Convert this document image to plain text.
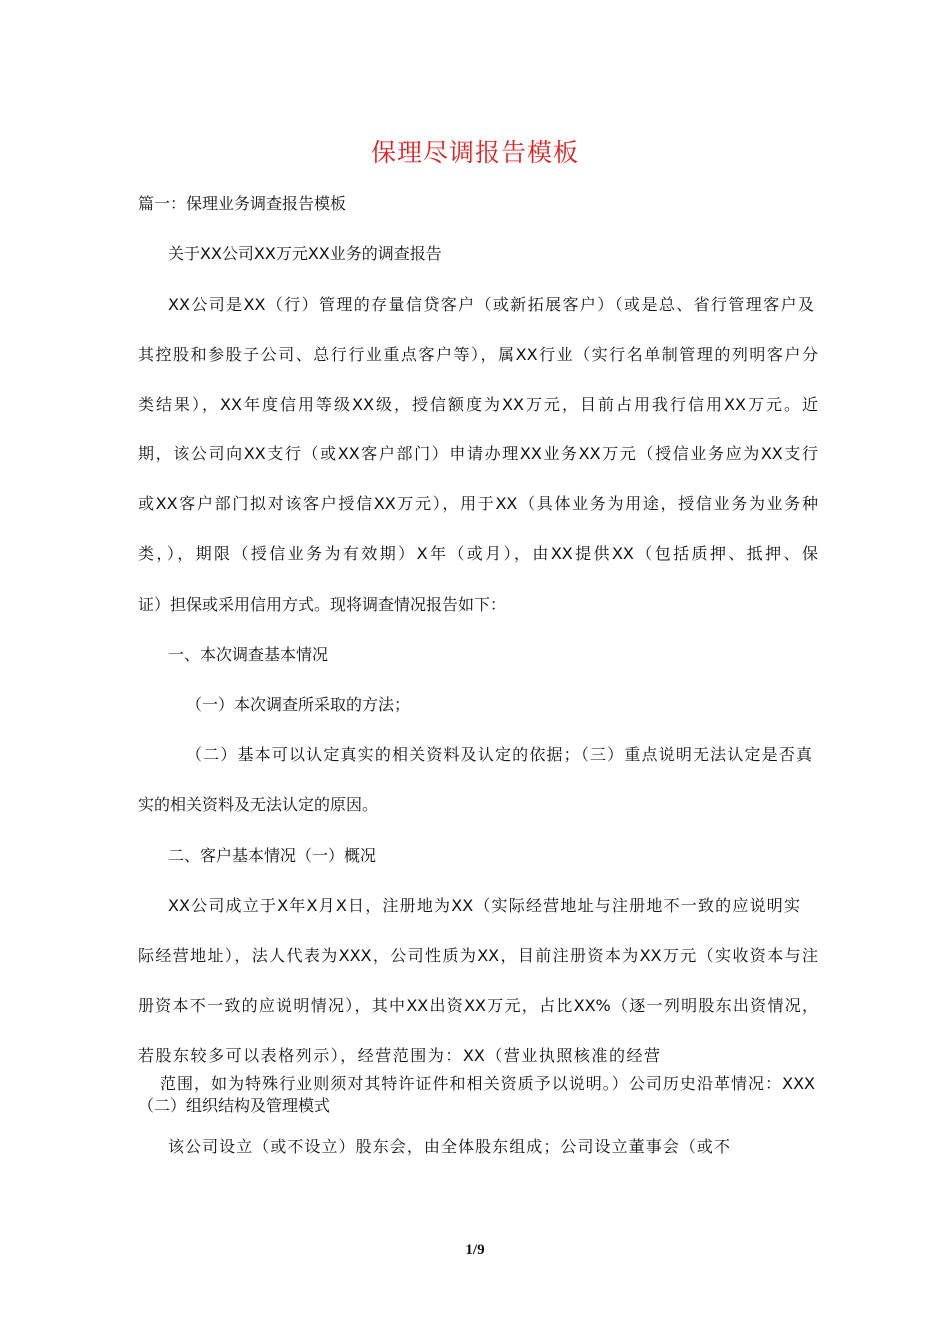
保理尽调报告模板
篇一：保理业务调查报告模板
关于XX公司XX万元XX业务的调查报告
XX公司是XX（行）管理的存量信贷客户（或新拓展客户）（或是总、省行管理客户及
其控股和参股子公司、总行行业重点客户等），属XX行业（实行名单制管理的列明客户分
类结果），XX年度信用等级XX级，授信额度为XX万元，目前占用我行信用XX万元。近
期，该公司向XX支行（或XX客户部门）申请办理XX业务XX万元（授信业务应为XX支行
或XX客户部门拟对该客户授信XX万元），用于XX（具体业务为用途，授信业务为业务种
类，），期限（授信业务为有效期）X年（或月），由XX提供XX（包括质押、抵押、保
证）担保或采用信用方式。现将调查情况报告如下：
一、本次调查基本情况
（一）本次调查所采取的方法；
（二）基本可以认定真实的相关资料及认定的依据；（三）重点说明无法认定是否真
实的相关资料及无法认定的原因。
二、客户基本情况（一）概况
XX公司成立于X年X月X日，注册地为XX（实际经营地址与注册地不一致的应说明实
际经营地址），法人代表为XXX，公司性质为XX，目前注册资本为XX万元（实收资本与注
册资本不一致的应说明情况），其中XX出资XX万元，占比XX%（逐一列明股东出资情况，
若股东较多可以表格列示），经营范围为：XX（营业执照核准的经营
范围，如为特殊行业则须对其特许证件和相关资质予以说明。）公司历史沿革情况：XXX
（二）组织结构及管理模式
该公司设立（或不设立）股东会，由全体股东组成；公司设立董事会（或不
1/9
